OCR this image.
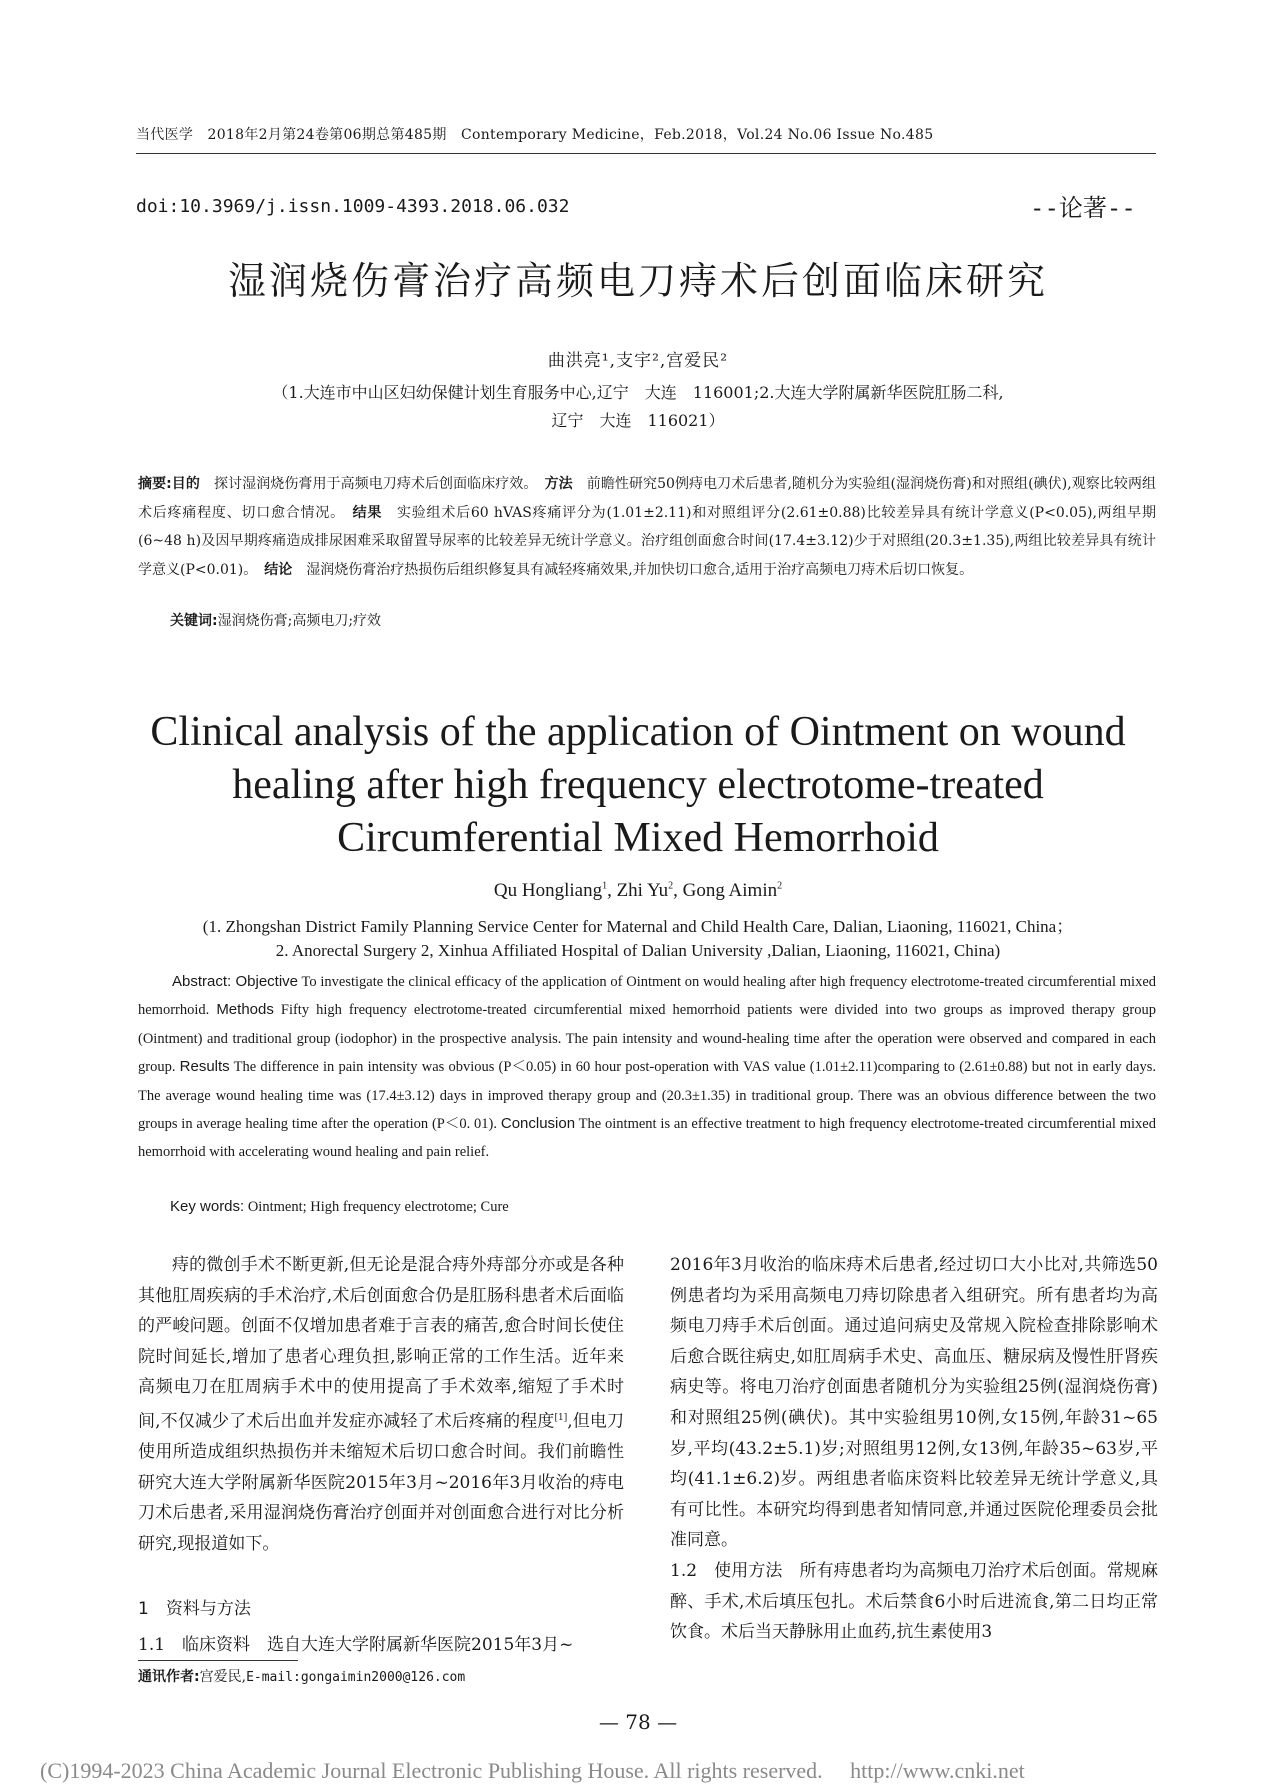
当代医学　2018年2月第24卷第06期总第485期　Contemporary Medicine，Feb.2018，Vol.24 No.06 Issue No.485
doi:10.3969/j.issn.1009-4393.2018.06.032	--论著--
湿润烧伤膏治疗高频电刀痔术后创面临床研究
曲洪亮¹,支宇²,宫爱民²
（1.大连市中山区妇幼保健计划生育服务中心,辽宁　大连　116001;2.大连大学附属新华医院肛肠二科,
辽宁　大连　116021）
摘要:目的　 探讨湿润烧伤膏用于高频电刀痔术后创面临床疗效。　 方法　 前瞻性研究50例痔电刀术后患者,随机分为实验组(湿润烧伤膏)和对照组(碘伏),观察比较两组术后疼痛程度、切口愈合情况。　 结果　 实验组术后60 hVAS疼痛评分为(1.01±2.11)和对照组评分(2.61±0.88)比较差异具有统计学意义(P<0.05),两组早期(6~48 h)及因早期疼痛造成排尿困难采取留置导尿率的比较差异无统计学意义。治疗组创面愈合时间(17.4±3.12)少于对照组(20.3±1.35),两组比较差异具有统计学意义(P<0.01)。　 结论　 湿润烧伤膏治疗热损伤后组织修复具有减轻疼痛效果,并加快切口愈合,适用于治疗高频电刀痔术后切口恢复。
关键词:湿润烧伤膏;高频电刀;疗效
Clinical analysis of the application of Ointment on wound healing after high frequency electrotome-treated Circumferential Mixed Hemorrhoid
Qu Hongliang$^1$, Zhi Yu$^2$, Gong Aimin$^2$
(1. Zhongshan District Family Planning Service Center for Maternal and Child Health Care, Dalian, Liaoning, 116021, China；
2. Anorectal Surgery 2, Xinhua Affiliated Hospital of Dalian University ,Dalian, Liaoning, 116021, China)
Abstract: Objective To investigate the clinical efficacy of the application of Ointment on would healing after high frequency electrotome-treated circumferential mixed hemorrhoid. Methods Fifty high frequency electrotome-treated circumferential mixed hemorrhoid patients were divided into two groups as improved therapy group (Ointment) and traditional group (iodophor) in the prospective analysis. The pain intensity and wound-healing time after the operation were observed and compared in each group. Results The difference in pain intensity was obvious (P＜0.05) in 60 hour post-operation with VAS value (1.01±2.11)comparing to (2.61±0.88) but not in early days. The average wound healing time was (17.4±3.12) days in improved therapy group and (20.3±1.35) in traditional group. There was an obvious difference between the two groups in average healing time after the operation (P＜0. 01). Conclusion The ointment is an effective treatment to high frequency electrotome-treated circumferential mixed hemorrhoid with accelerating wound healing and pain relief.
Key words: Ointment; High frequency electrotome; Cure

痔的微创手术不断更新,但无论是混合痔外痔部分亦或是各种其他肛周疾病的手术治疗,术后创面愈合仍是肛肠科患者术后面临的严峻问题。创面不仅增加患者难于言表的痛苦,愈合时间长使住院时间延长,增加了患者心理负担,影响正常的工作生活。近年来高频电刀在肛周病手术中的使用提高了手术效率,缩短了手术时间,不仅减少了术后出血并发症亦减轻了术后疼痛的程度[1],但电刀使用所造成组织热损伤并未缩短术后切口愈合时间。我们前瞻性研究大连大学附属新华医院2015年3月~2016年3月收治的痔电刀术后患者,采用湿润烧伤膏治疗创面并对创面愈合进行对比分析研究,现报道如下。

1　资料与方法
1.1　临床资料　选自大连大学附属新华医院2015年3月~

2016年3月收治的临床痔术后患者,经过切口大小比对,共筛选50例患者均为采用高频电刀痔切除患者入组研究。所有患者均为高频电刀痔手术后创面。通过追问病史及常规入院检查排除影响术后愈合既往病史,如肛周病手术史、高血压、糖尿病及慢性肝肾疾病史等。将电刀治疗创面患者随机分为实验组25例(湿润烧伤膏)和对照组25例(碘伏)。其中实验组男10例,女15例,年龄31~65岁,平均(43.2±5.1)岁;对照组男12例,女13例,年龄35~63岁,平均(41.1±6.2)岁。两组患者临床资料比较差异无统计学意义,具有可比性。本研究均得到患者知情同意,并通过医院伦理委员会批准同意。

1.2　使用方法　所有痔患者均为高频电刀治疗术后创面。常规麻醉、手术,术后填压包扎。术后禁食6小时后进流食,第二日均正常饮食。术后当天静脉用止血药,抗生素使用3

通讯作者:宫爱民,E-mail:gongaimin2000@126.com
— 78 —
(C)1994-2023 China Academic Journal Electronic Publishing House. All rights reserved.　 http://www.cnki.net
